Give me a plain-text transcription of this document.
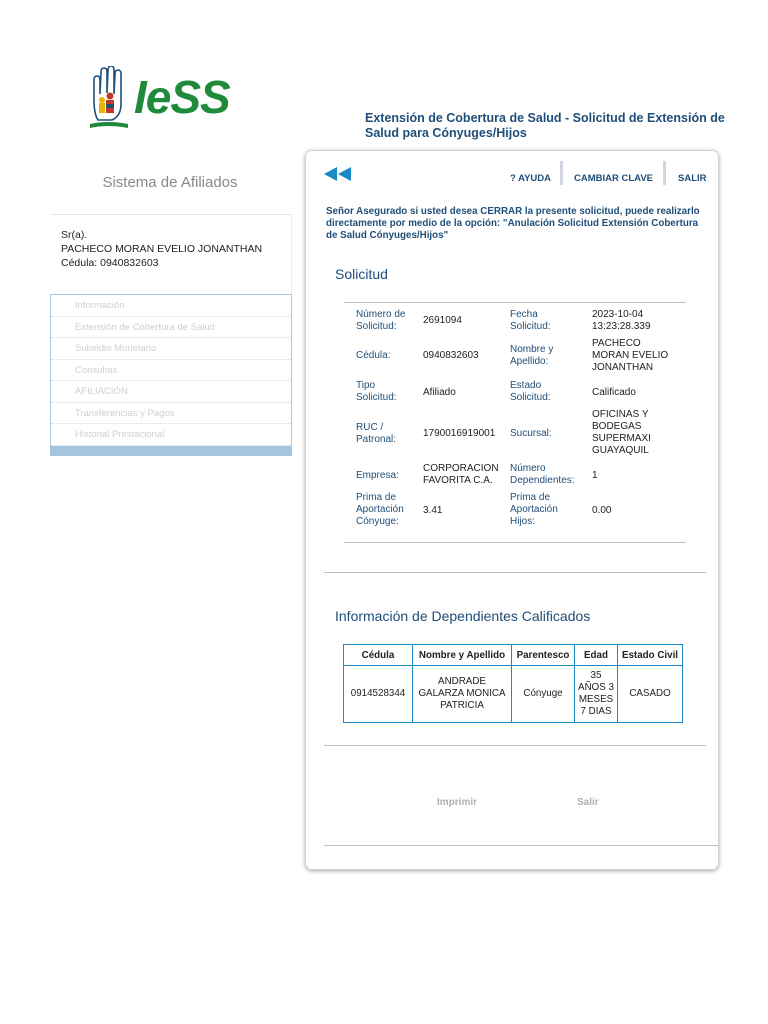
IeSS	Extensión de Cobertura de Salud - Solicitud de Extensión de Salud para Cónyuges/Hijos
Sistema de Afiliados
Sr(a).
PACHECO MORAN EVELIO JONANTHAN
Cédula: 0940832603
Información
Extensión de Cobertura de Salud
Subsidio Monetario
Consultas
AFILIACIÓN
Transferencias y Pagos
Historial Prestacional
? AYUDA CAMBIAR CLAVE	SALIR
Señor Asegurado si usted desea CERRAR la presente solicitud, puede realizarlo directamente por medio de la opción: "Anulación Solicitud Extensión Cobertura de Salud Cónyuges/Hijos"
Solicitud
Número de Solicitud:
2691094
Fecha Solicitud:
2023-10-04 13:23:28.339
Cédula:	0940832603
Nombre y Apellido:
PACHECO MORAN EVELIO JONANTHAN
Tipo Solicitud:	Afiliado
Estado Solicitud:	Calificado
RUC / Patronal:
1790016919001 Sucursal:
OFICINAS Y BODEGAS SUPERMAXI GUAYAQUIL
Empresa:
CORPORACION FAVORITA C.A.
Número Dependientes:	1
Prima de Aportación Cónyuge:
3.41
Prima de Aportación Hijos:
0.00
Información de Dependientes Calificados
Cédula	Nombre y Apellido	Parentesco	Edad	Estado Civil
0914528344	ANDRADE GALARZA MONICA PATRICIA	Cónyuge	35 AÑOS 3 MESES 7 DIAS	CASADO
Imprimir	Salir
